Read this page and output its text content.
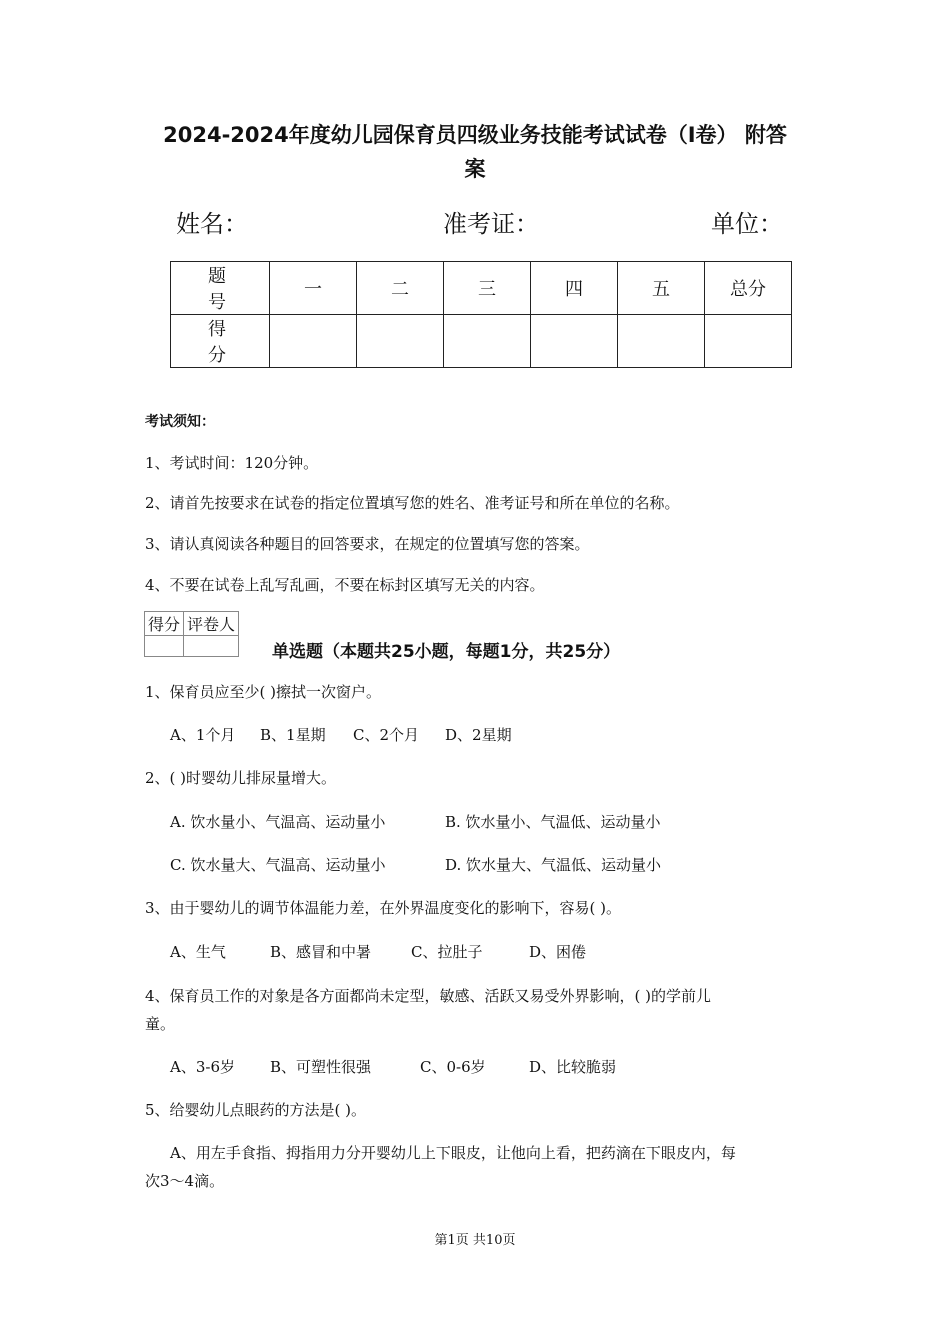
2024-2024年度幼儿园保育员四级业务技能考试试卷（I卷） 附答
案
姓名：	准考证：	单位：
题 号	一	二	三	四	五	总分
得 分						
考试须知：
1、考试时间：120分钟。
2、请首先按要求在试卷的指定位置填写您的姓名、准考证号和所在单位的名称。
3、请认真阅读各种题目的回答要求，在规定的位置填写您的答案。
4、不要在试卷上乱写乱画，不要在标封区填写无关的内容。
得分	评卷人

单选题（本题共25小题，每题1分，共25分）
1、保育员应至少( )擦拭一次窗户。
A、1个月 B、1星期 C、2个月 D、2星期
2、( )时婴幼儿排尿量增大。
A. 饮水量小、气温高、运动量小	B. 饮水量小、气温低、运动量小
C. 饮水量大、气温高、运动量小	D. 饮水量大、气温低、运动量小
3、由于婴幼儿的调节体温能力差，在外界温度变化的影响下，容易( )。
A、生气	B、感冒和中暑	C、拉肚子	D、困倦
4、保育员工作的对象是各方面都尚未定型，敏感、活跃又易受外界影响，( )的学前儿
童。
A、3-6岁 B、可塑性很强	C、0-6岁	D、比较脆弱
5、给婴幼儿点眼药的方法是( )。
A、用左手食指、拇指用力分开婴幼儿上下眼皮，让他向上看，把药滴在下眼皮内，每
次3～4滴。
第1页 共10页
